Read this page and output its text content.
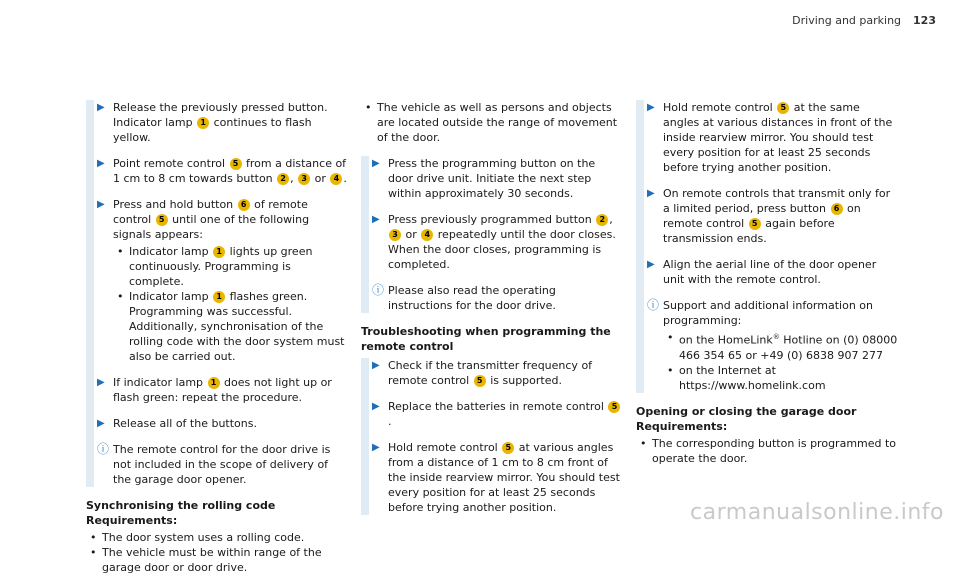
Driving and parking 123
▶ Release the previously pressed button. Indicator lamp 1 continues to flash yellow.
▶ Point remote control 5 from a distance of 1 cm to 8 cm towards button 2 , 3 or 4 .
▶ Press and hold button 6 of remote control 5 until one of the following signals appears:
• Indicator lamp 1 lights up green continuously. Programming is complete.
• Indicator lamp 1 flashes green. Programming was successful. Additionally, synchronisation of the rolling code with the door system must also be carried out.
▶ If indicator lamp 1 does not light up or flash green: repeat the procedure.
▶ Release all of the buttons.
ⓘ The remote control for the door drive is not included in the scope of delivery of the garage door opener.
Synchronising the rolling code
Requirements:
• The door system uses a rolling code.
• The vehicle must be within range of the garage door or door drive.
• The vehicle as well as persons and objects are located outside the range of movement of the door.
▶ Press the programming button on the door drive unit. Initiate the next step within approximately 30 seconds.
▶ Press previously programmed button 2 , 3 or 4 repeatedly until the door closes. When the door closes, programming is completed.
ⓘ Please also read the operating instructions for the door drive.
Troubleshooting when programming the remote control
▶ Check if the transmitter frequency of remote control 5 is supported.
▶ Replace the batteries in remote control 5.
▶ Hold remote control 5 at various angles from a distance of 1 cm to 8 cm front of the inside rearview mirror. You should test every position for at least 25 seconds before trying another position.
▶ Hold remote control 5 at the same angles at various distances in front of the inside rearview mirror. You should test every position for at least 25 seconds before trying another position.
▶ On remote controls that transmit only for a limited period, press button 6 on remote control 5 again before transmission ends.
▶ Align the aerial line of the door opener unit with the remote control.
ⓘ Support and additional information on programming:
• on the HomeLink® Hotline on (0) 08000 466 354 65 or +49 (0) 6838 907 277
• on the Internet at https://www.homelink.com
Opening or closing the garage door
Requirements:
• The corresponding button is programmed to operate the door.
carmanualsonline.info
